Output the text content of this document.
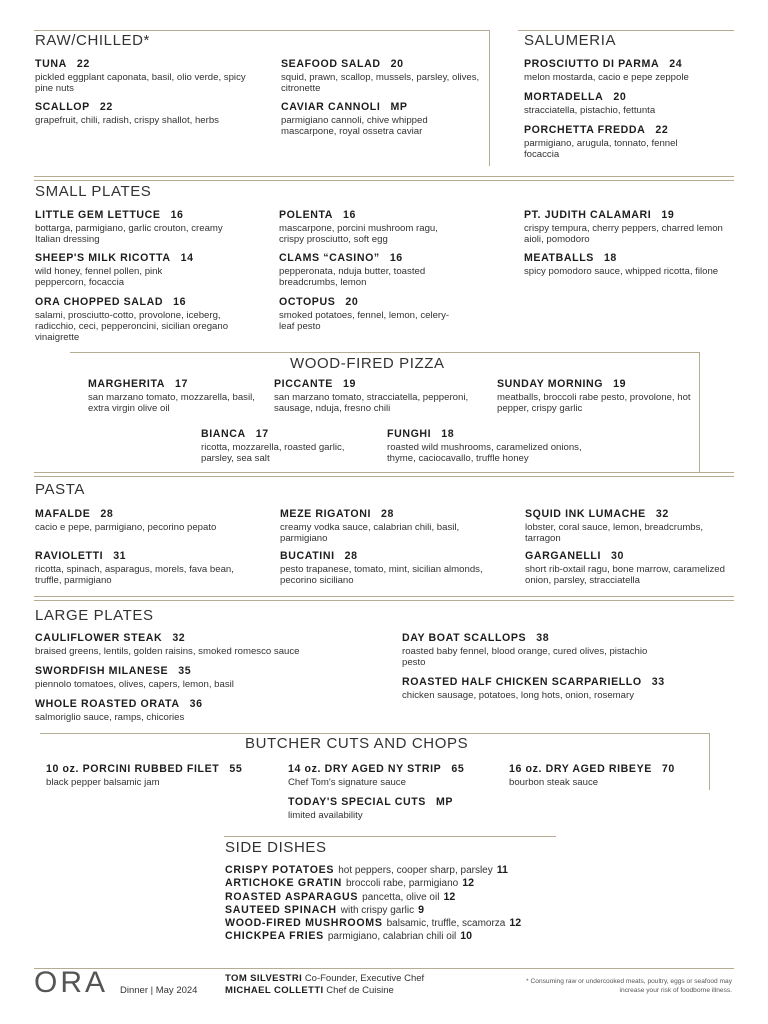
RAW/CHILLED*
TUNA 22
pickled eggplant caponata, basil, olio verde, spicy pine nuts
SCALLOP 22
grapefruit, chili, radish, crispy shallot, herbs
SEAFOOD SALAD 20
squid, prawn, scallop, mussels, parsley, olives, citronette
CAVIAR CANNOLI MP
parmigiano cannoli, chive whipped mascarpone, royal ossetra caviar
SALUMERIA
PROSCIUTTO DI PARMA 24
melon mostarda, cacio e pepe zeppole
MORTADELLA 20
stracciatella, pistachio, fettunta
PORCHETTA FREDDA 22
parmigiano, arugula, tonnato, fennel focaccia
SMALL PLATES
LITTLE GEM LETTUCE 16
bottarga, parmigiano, garlic crouton, creamy Italian dressing
SHEEP'S MILK RICOTTA 14
wild honey, fennel pollen, pink peppercorn, focaccia
ORA CHOPPED SALAD 16
salami, prosciutto-cotto, provolone, iceberg, radicchio, ceci, pepperoncini, sicilian oregano vinaigrette
POLENTA 16
mascarpone, porcini mushroom ragu, crispy prosciutto, soft egg
CLAMS “CASINO” 16
pepperonata, nduja butter, toasted breadcrumbs, lemon
OCTOPUS 20
smoked potatoes, fennel, lemon, celery-leaf pesto
PT. JUDITH CALAMARI 19
crispy tempura, cherry peppers, charred lemon aioli, pomodoro
MEATBALLS 18
spicy pomodoro sauce, whipped ricotta, filone
WOOD-FIRED PIZZA
MARGHERITA 17
san marzano tomato, mozzarella, basil, extra virgin olive oil
PICCANTE 19
san marzano tomato, stracciatella, pepperoni, sausage, nduja, fresno chili
SUNDAY MORNING 19
meatballs, broccoli rabe pesto, provolone, hot pepper, crispy garlic
BIANCA 17
ricotta, mozzarella, roasted garlic, parsley, sea salt
FUNGHI 18
roasted wild mushrooms, caramelized onions, thyme, caciocavallo, truffle honey
PASTA
MAFALDE 28
cacio e pepe, parmigiano, pecorino pepato
RAVIOLETTI 31
ricotta, spinach, asparagus, morels, fava bean, truffle, parmigiano
MEZE RIGATONI 28
creamy vodka sauce, calabrian chili, basil, parmigiano
BUCATINI 28
pesto trapanese, tomato, mint, sicilian almonds, pecorino siciliano
SQUID INK LUMACHE 32
lobster, coral sauce, lemon, breadcrumbs, tarragon
GARGANELLI 30
short rib-oxtail ragu, bone marrow, caramelized onion, parsley, stracciatella
LARGE PLATES
CAULIFLOWER STEAK 32
braised greens, lentils, golden raisins, smoked romesco sauce
SWORDFISH MILANESE 35
piennolo tomatoes, olives, capers, lemon, basil
WHOLE ROASTED ORATA 36
salmoriglio sauce, ramps, chicories
DAY BOAT SCALLOPS 38
roasted baby fennel, blood orange, cured olives, pistachio pesto
ROASTED HALF CHICKEN SCARPARIELLO 33
chicken sausage, potatoes, long hots, onion, rosemary
BUTCHER CUTS AND CHOPS
10 oz. PORCINI RUBBED FILET 55
black pepper balsamic jam
14 oz. DRY AGED NY STRIP 65
Chef Tom's signature sauce
TODAY'S SPECIAL CUTS MP
limited availability
16 oz. DRY AGED RIBEYE 70
bourbon steak sauce
SIDE DISHES
CRISPY POTATOES hot peppers, cooper sharp, parsley 11
ARTICHOKE GRATIN broccoli rabe, parmigiano 12
ROASTED ASPARAGUS pancetta, olive oil 12
SAUTEED SPINACH with crispy garlic 9
WOOD-FIRED MUSHROOMS balsamic, truffle, scamorza 12
CHICKPEA FRIES parmigiano, calabrian chili oil 10
ORA Dinner | May 2024
TOM SILVESTRI Co-Founder, Executive Chef
MICHAEL COLLETTI Chef de Cuisine
* Consuming raw or undercooked meats, poultry, eggs or seafood may increase your risk of foodborne illness.
